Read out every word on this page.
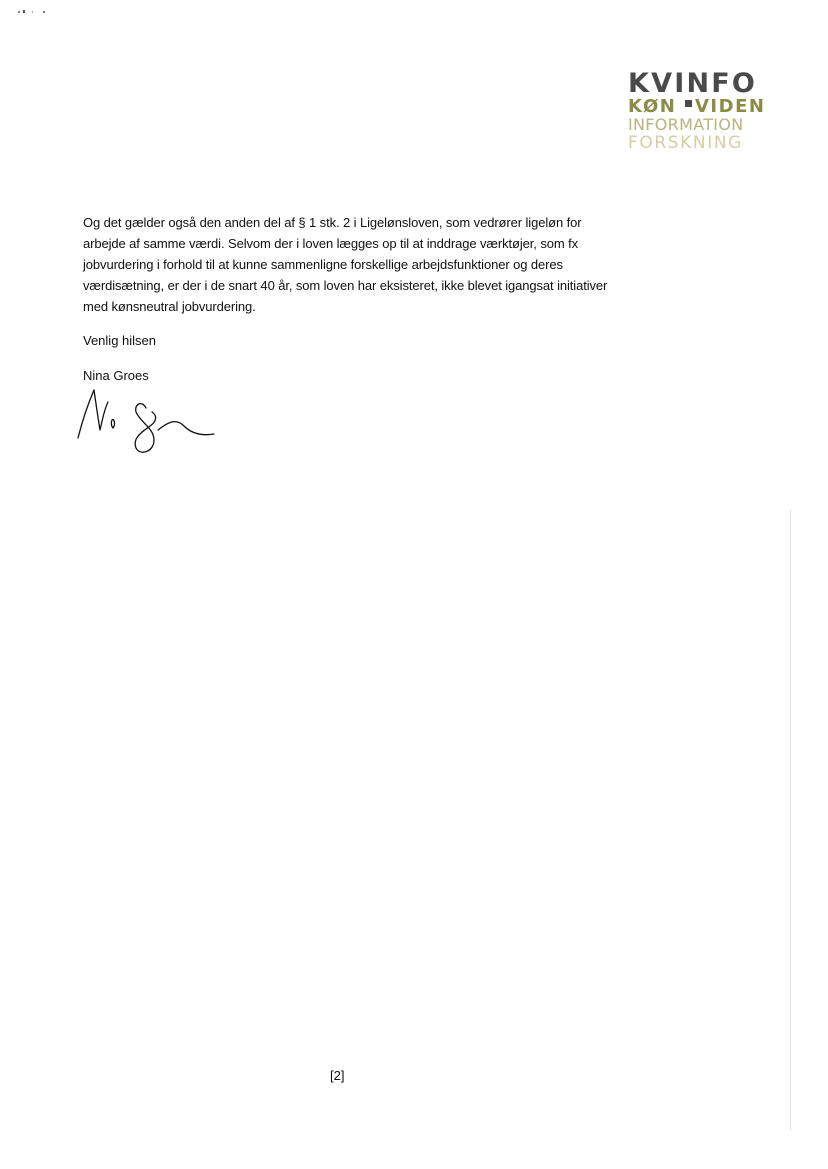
KVINFO
KØN VIDEN
INFORMATION
FORSKNING

Og det gælder også den anden del af § 1 stk. 2 i Ligelønsloven, som vedrører ligeløn for arbejde af samme værdi. Selvom der i loven lægges op til at inddrage værktøjer, som fx jobvurdering i forhold til at kunne sammenligne forskellige arbejdsfunktioner og deres værdisætning, er der i de snart 40 år, som loven har eksisteret, ikke blevet igangsat initiativer med kønsneutral jobvurdering.

Venlig hilsen
Nina Groes
[2]
